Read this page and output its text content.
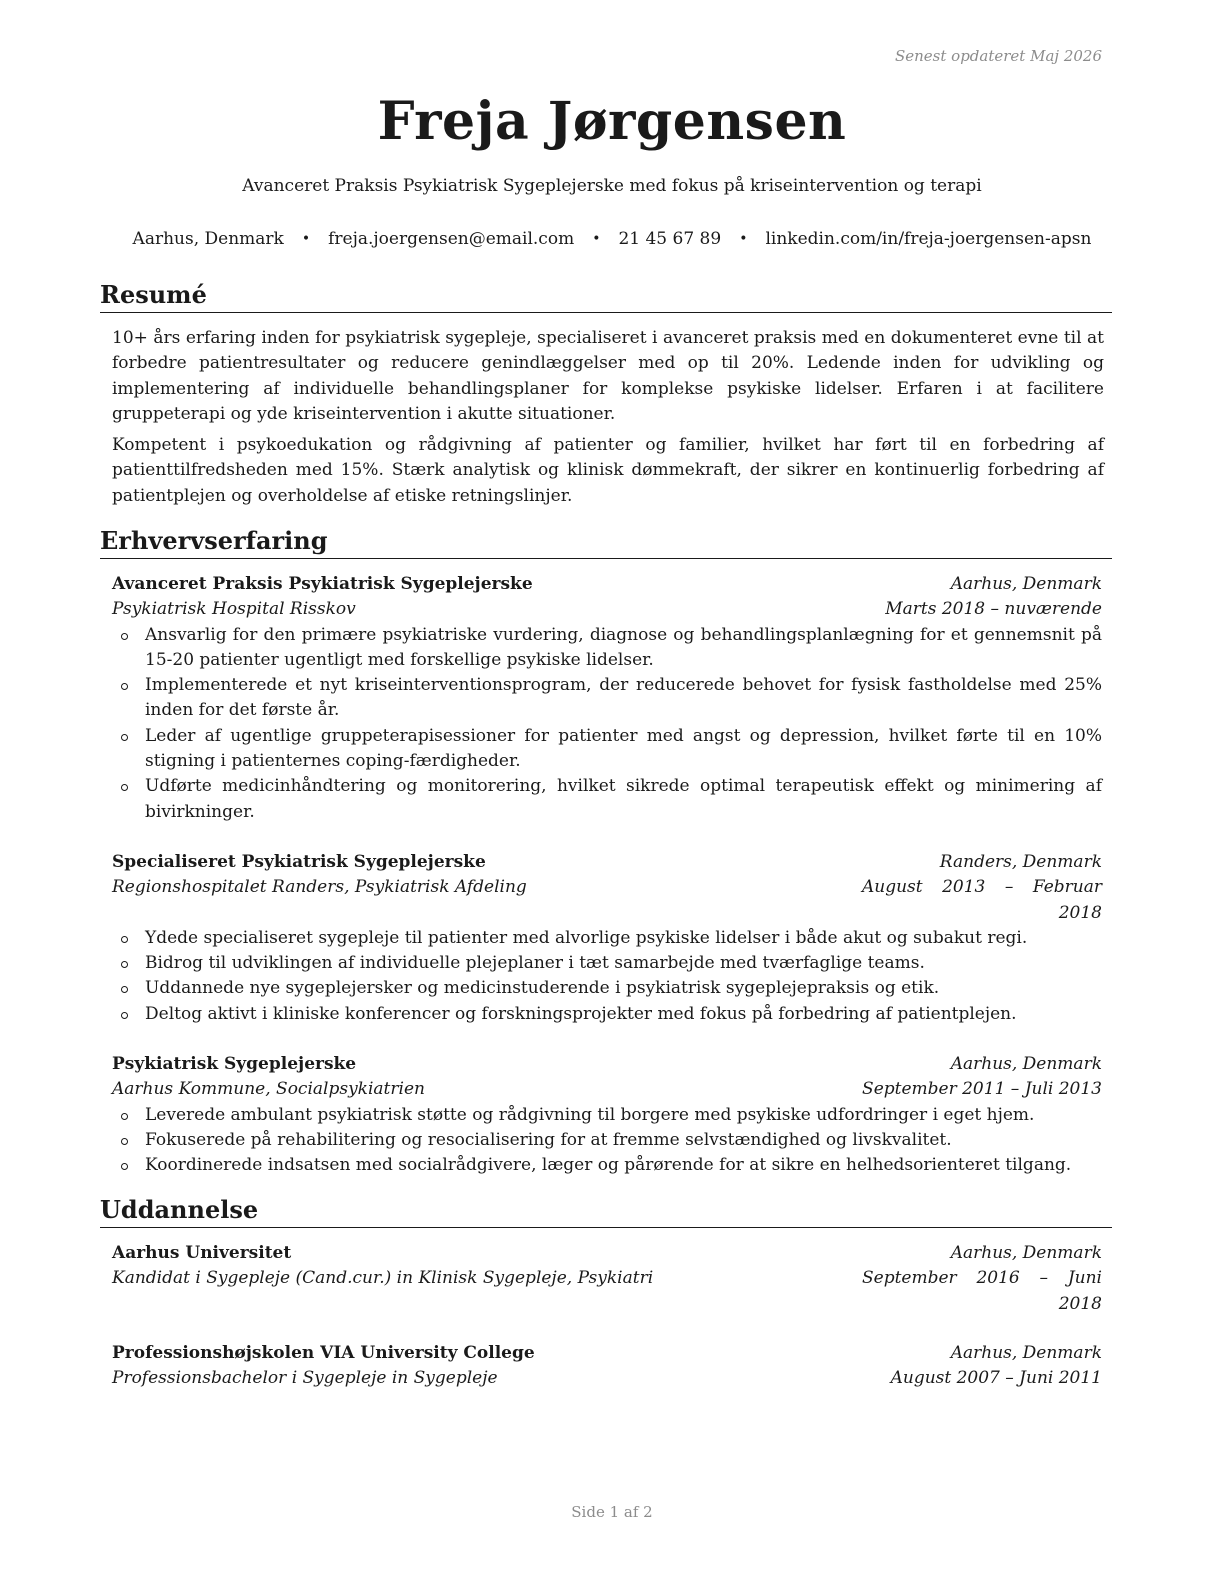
Senest opdateret Maj 2026
Freja Jørgensen
Avanceret Praksis Psykiatrisk Sygeplejerske med fokus på kriseintervention og terapi
Aarhus, Denmark • freja.joergensen@email.com • 21 45 67 89 • linkedin.com/in/freja-joergensen-apsn
Resumé

10+ års erfaring inden for psykiatrisk sygepleje, specialiseret i avanceret praksis med en dokumenteret evne til at forbedre patientresultater og reducere genindlæggelser med op til 20%. Ledende inden for udvikling og implementering af individuelle behandlingsplaner for komplekse psykiske lidelser. Erfaren i at facilitere gruppeterapi og yde kriseintervention i akutte situationer.

Kompetent i psykoedukation og rådgivning af patienter og familier, hvilket har ført til en forbedring af patienttilfredsheden med 15%. Stærk analytisk og klinisk dømmekraft, der sikrer en kontinuerlig forbedring af patientplejen og overholdelse af etiske retningslinjer.

Erhvervserfaring
Avanceret Praksis Psykiatrisk Sygeplejerske	Aarhus, Denmark
Psykiatrisk Hospital Risskov	Marts 2018 – nuværende
Ansvarlig for den primære psykiatriske vurdering, diagnose og behandlingsplanlægning for et gennemsnit på 15-20 patienter ugentligt med forskellige psykiske lidelser.
Implementerede et nyt kriseinterventionsprogram, der reducerede behovet for fysisk fastholdelse med 25% inden for det første år.
Leder af ugentlige gruppeterapisessioner for patienter med angst og depression, hvilket førte til en 10% stigning i patienternes coping-færdigheder.
Udførte medicinhåndtering og monitorering, hvilket sikrede optimal terapeutisk effekt og minimering af bivirkninger.
Specialiseret Psykiatrisk Sygeplejerske	Randers, Denmark
Regionshospitalet Randers, Psykiatrisk Afdeling	August 2013 – Februar 2018
Ydede specialiseret sygepleje til patienter med alvorlige psykiske lidelser i både akut og subakut regi.
Bidrog til udviklingen af individuelle plejeplaner i tæt samarbejde med tværfaglige teams.
Uddannede nye sygeplejersker og medicinstuderende i psykiatrisk sygeplejepraksis og etik.
Deltog aktivt i kliniske konferencer og forskningsprojekter med fokus på forbedring af patientplejen.
Psykiatrisk Sygeplejerske	Aarhus, Denmark
Aarhus Kommune, Socialpsykiatrien	September 2011 – Juli 2013
Leverede ambulant psykiatrisk støtte og rådgivning til borgere med psykiske udfordringer i eget hjem.
Fokuserede på rehabilitering og resocialisering for at fremme selvstændighed og livskvalitet.
Koordinerede indsatsen med socialrådgivere, læger og pårørende for at sikre en helhedsorienteret tilgang.
Uddannelse
Aarhus Universitet	Aarhus, Denmark
Kandidat i Sygepleje (Cand.cur.) in Klinisk Sygepleje, Psykiatri	September 2016 – Juni 2018
Professionshøjskolen VIA University College	Aarhus, Denmark
Professionsbachelor i Sygepleje in Sygepleje	August 2007 – Juni 2011
Side 1 af 2
